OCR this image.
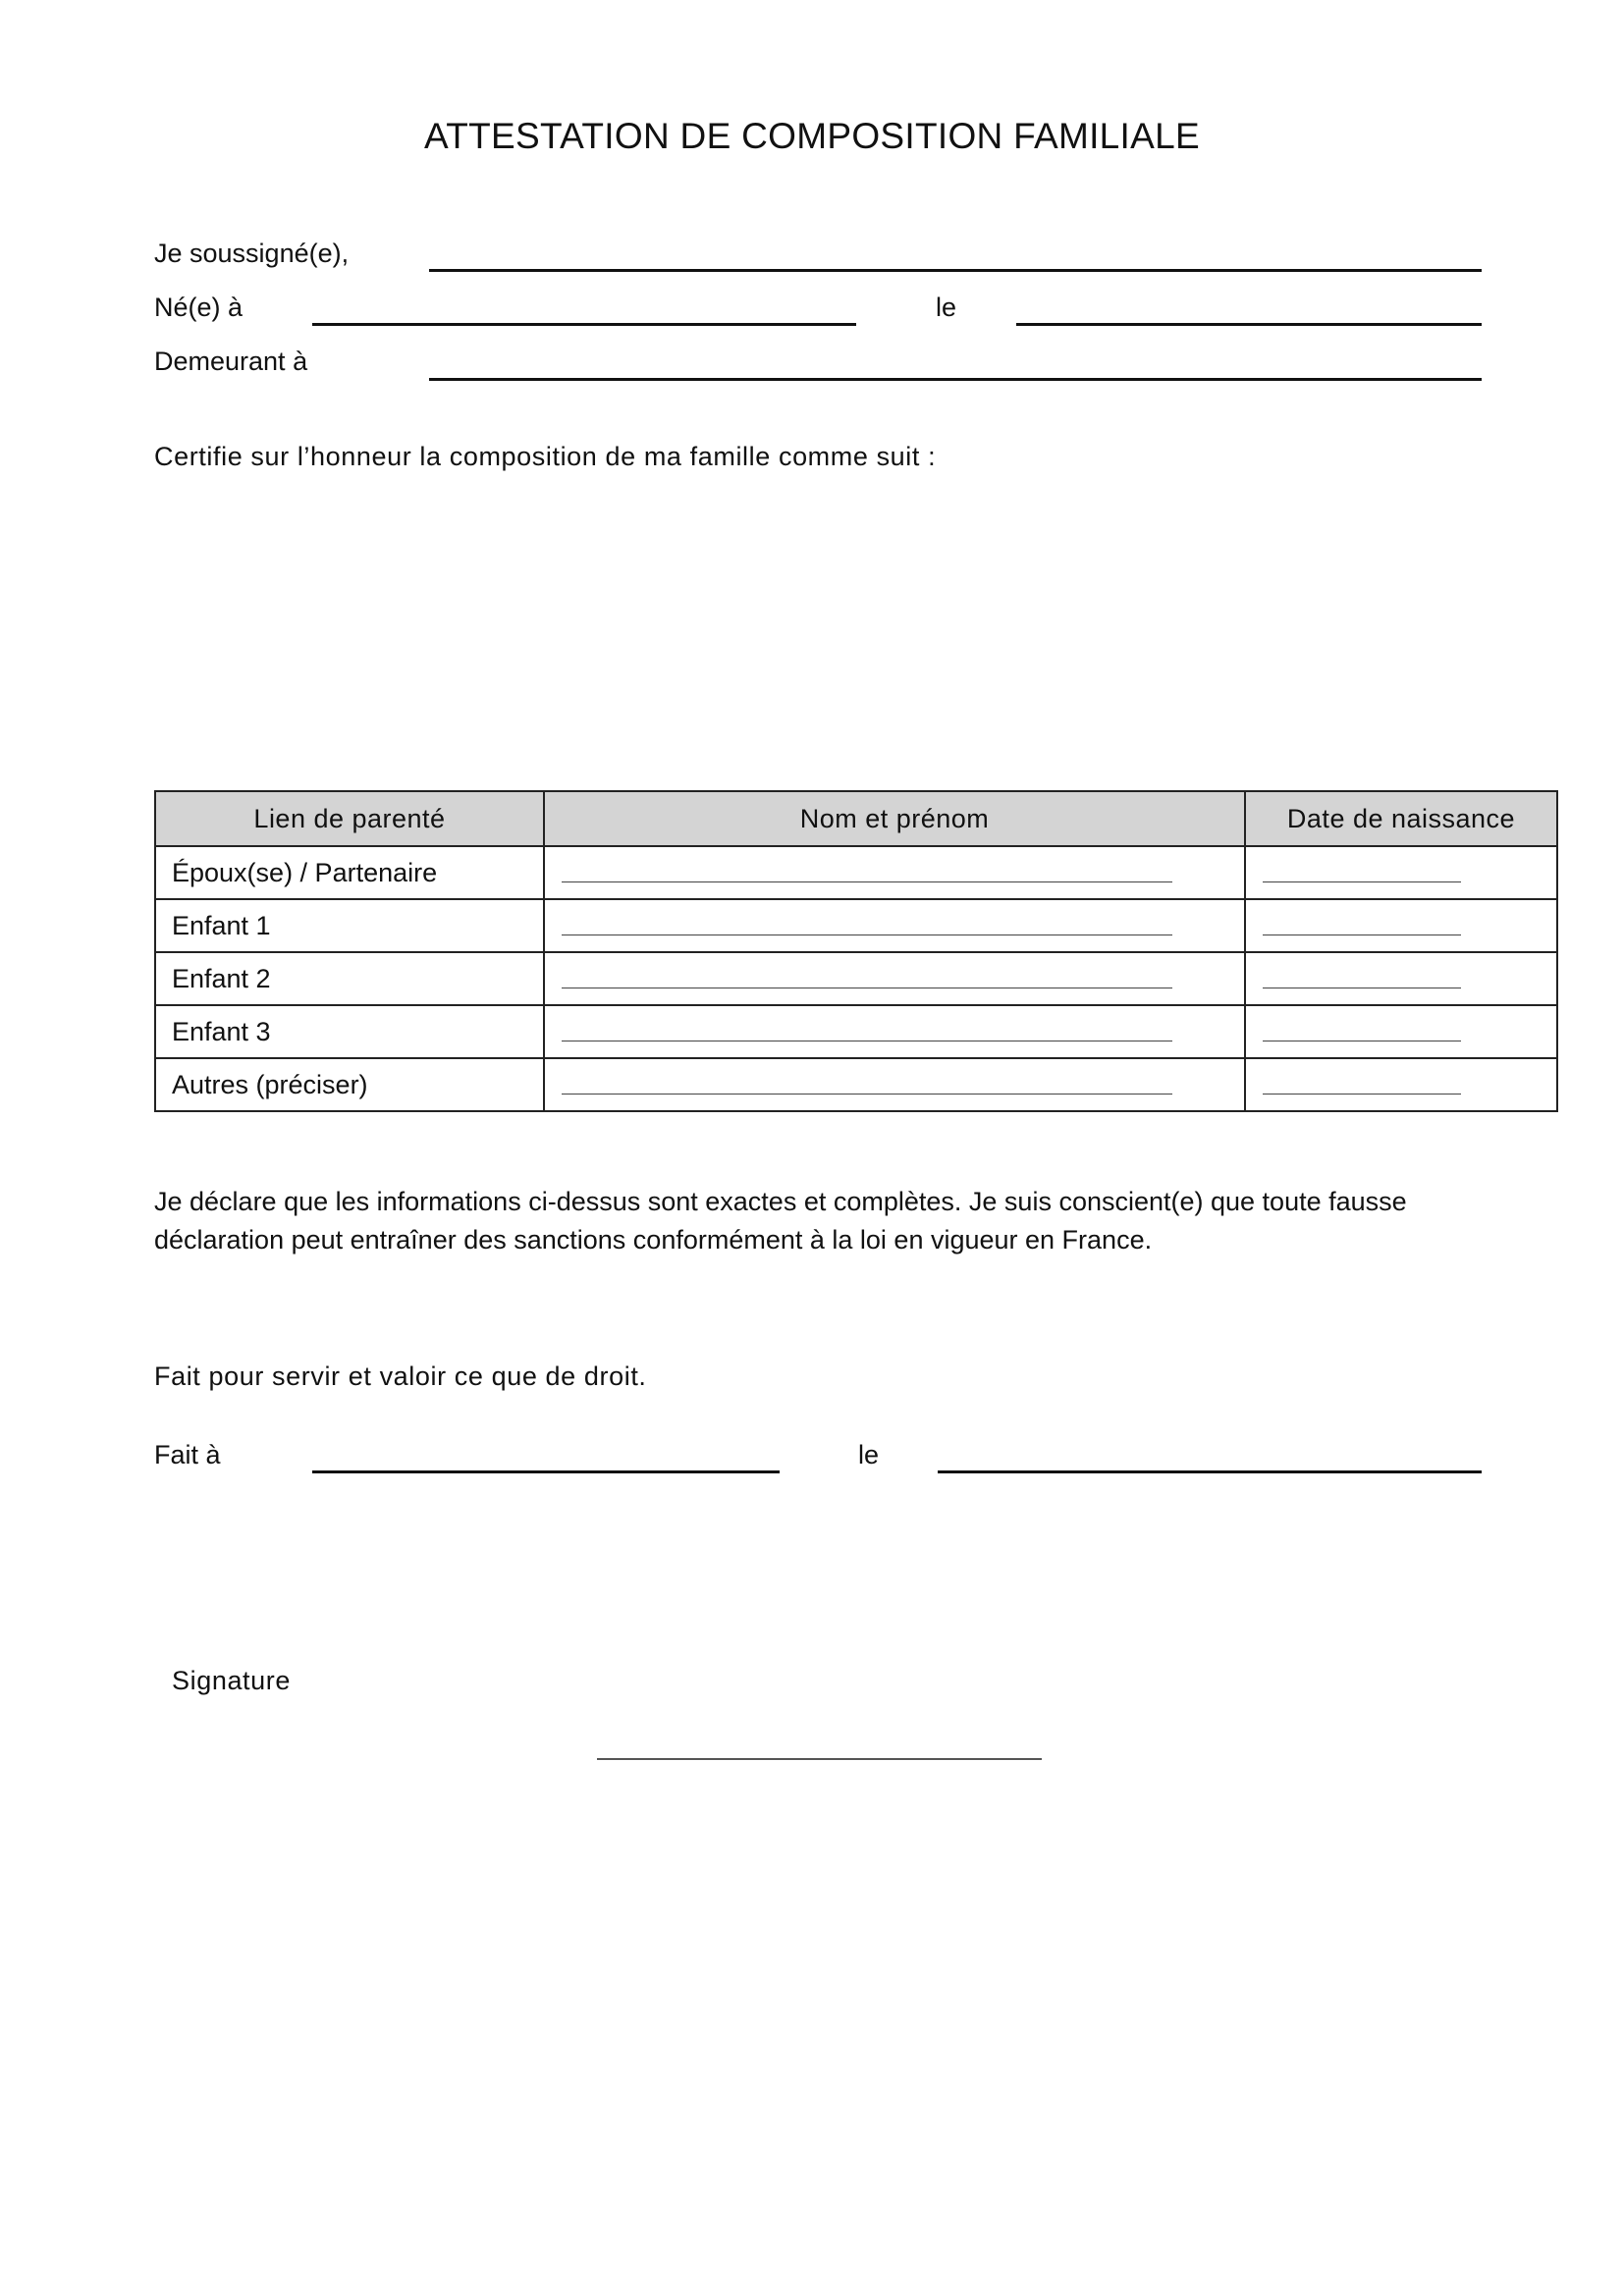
ATTESTATION DE COMPOSITION FAMILIALE
Je soussigné(e),
Né(e) à	le
Demeurant à
Certifie sur l’honneur la composition de ma famille comme suit :
Lien de parenté	Nom et prénom	Date de naissance
Époux(se) / Partenaire	

Enfant 1	

Enfant 2	

Enfant 3	

Autres (préciser)	

Je déclare que les informations ci-dessus sont exactes et complètes. Je suis conscient(e) que toute fausse
déclaration peut entraîner des sanctions conformément à la loi en vigueur en France.
Fait pour servir et valoir ce que de droit.
Fait à	le
Signature
